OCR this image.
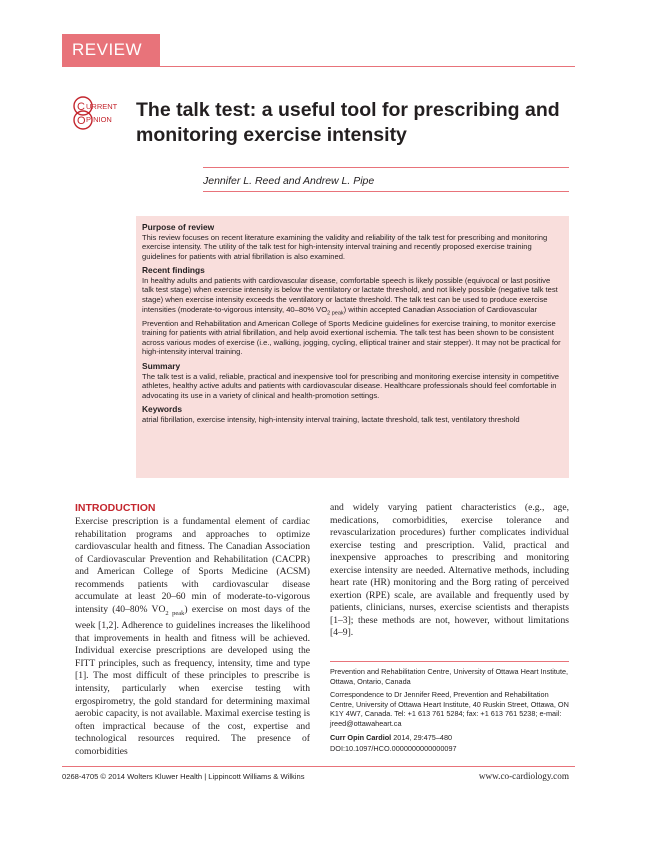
REVIEW
C
O
URRENT
PINION The talk test: a useful tool for prescribing and monitoring exercise intensity
Jennifer L. Reed and Andrew L. Pipe
Purpose of review

This review focuses on recent literature examining the validity and reliability of the talk test for prescribing and monitoring exercise intensity. The utility of the talk test for high-intensity interval training and recently proposed exercise training guidelines for patients with atrial fibrillation is also examined.

Recent findings

In healthy adults and patients with cardiovascular disease, comfortable speech is likely possible (equivocal or last positive talk test stage) when exercise intensity is below the ventilatory or lactate threshold, and not likely possible (negative talk test stage) when exercise intensity exceeds the ventilatory or lactate threshold. The talk test can be used to produce exercise intensities (moderate-to-vigorous intensity, 40–80% $VO_{2 peak}$) within accepted Canadian Association of Cardiovascular Prevention and Rehabilitation and American College of Sports Medicine guidelines for exercise training, to monitor exercise training for patients with atrial fibrillation, and help avoid exertional ischemia. The talk test has been shown to be consistent across various modes of exercise (i.e., walking, jogging, cycling, elliptical trainer and stair stepper). It may not be practical for high-intensity interval training.

Summary

The talk test is a valid, reliable, practical and inexpensive tool for prescribing and monitoring exercise intensity in competitive athletes, healthy active adults and patients with cardiovascular disease. Healthcare professionals should feel comfortable in advocating its use in a variety of clinical and health-promotion settings.

Keywords

atrial fibrillation, exercise intensity, high-intensity interval training, lactate threshold, talk test, ventilatory threshold

INTRODUCTION

Exercise prescription is a fundamental element of cardiac rehabilitation programs and approaches to optimize cardiovascular health and fitness. The Canadian Association of Cardiovascular Prevention and Rehabilitation (CACPR) and American College of Sports Medicine (ACSM) recommends patients with cardiovascular disease accumulate at least 20–60 min of moderate-to-vigorous intensity (40–80% $VO_{2 peak}$) exercise on most days of the week [1,2]. Adherence to guidelines increases the likelihood that improvements in health and fitness will be achieved. Individual exercise prescriptions are developed using the FITT principles, such as frequency, intensity, time and type [1]. The most difficult of these principles to prescribe is intensity, particularly when exercise testing with ergospirometry, the gold standard for determining maximal aerobic capacity, is not available. Maximal exercise testing is often impractical because of the cost, expertise and technological resources required. The presence of comorbidities

and widely varying patient characteristics (e.g., age, medications, comorbidities, exercise tolerance and revascularization procedures) further complicates individual exercise testing and prescription. Valid, practical and inexpensive approaches to prescribing and monitoring exercise intensity are needed. Alternative methods, including heart rate (HR) monitoring and the Borg rating of perceived exertion (RPE) scale, are available and frequently used by patients, clinicians, nurses, exercise scientists and therapists [1–3]; these methods are not, however, without limitations [4–9].

Prevention and Rehabilitation Centre, University of Ottawa Heart Institute, Ottawa, Ontario, Canada

Correspondence to Dr Jennifer Reed, Prevention and Rehabilitation Centre, University of Ottawa Heart Institute, 40 Ruskin Street, Ottawa, ON K1Y 4W7, Canada. Tel: +1 613 761 5284; fax: +1 613 761 5238; e-mail: jreed@ottawaheart.ca

Curr Opin Cardiol 2014, 29:475–480

DOI:10.1097/HCO.0000000000000097

0268-4705 © 2014 Wolters Kluwer Health | Lippincott Williams & Wilkins	www.co-cardiology.com
